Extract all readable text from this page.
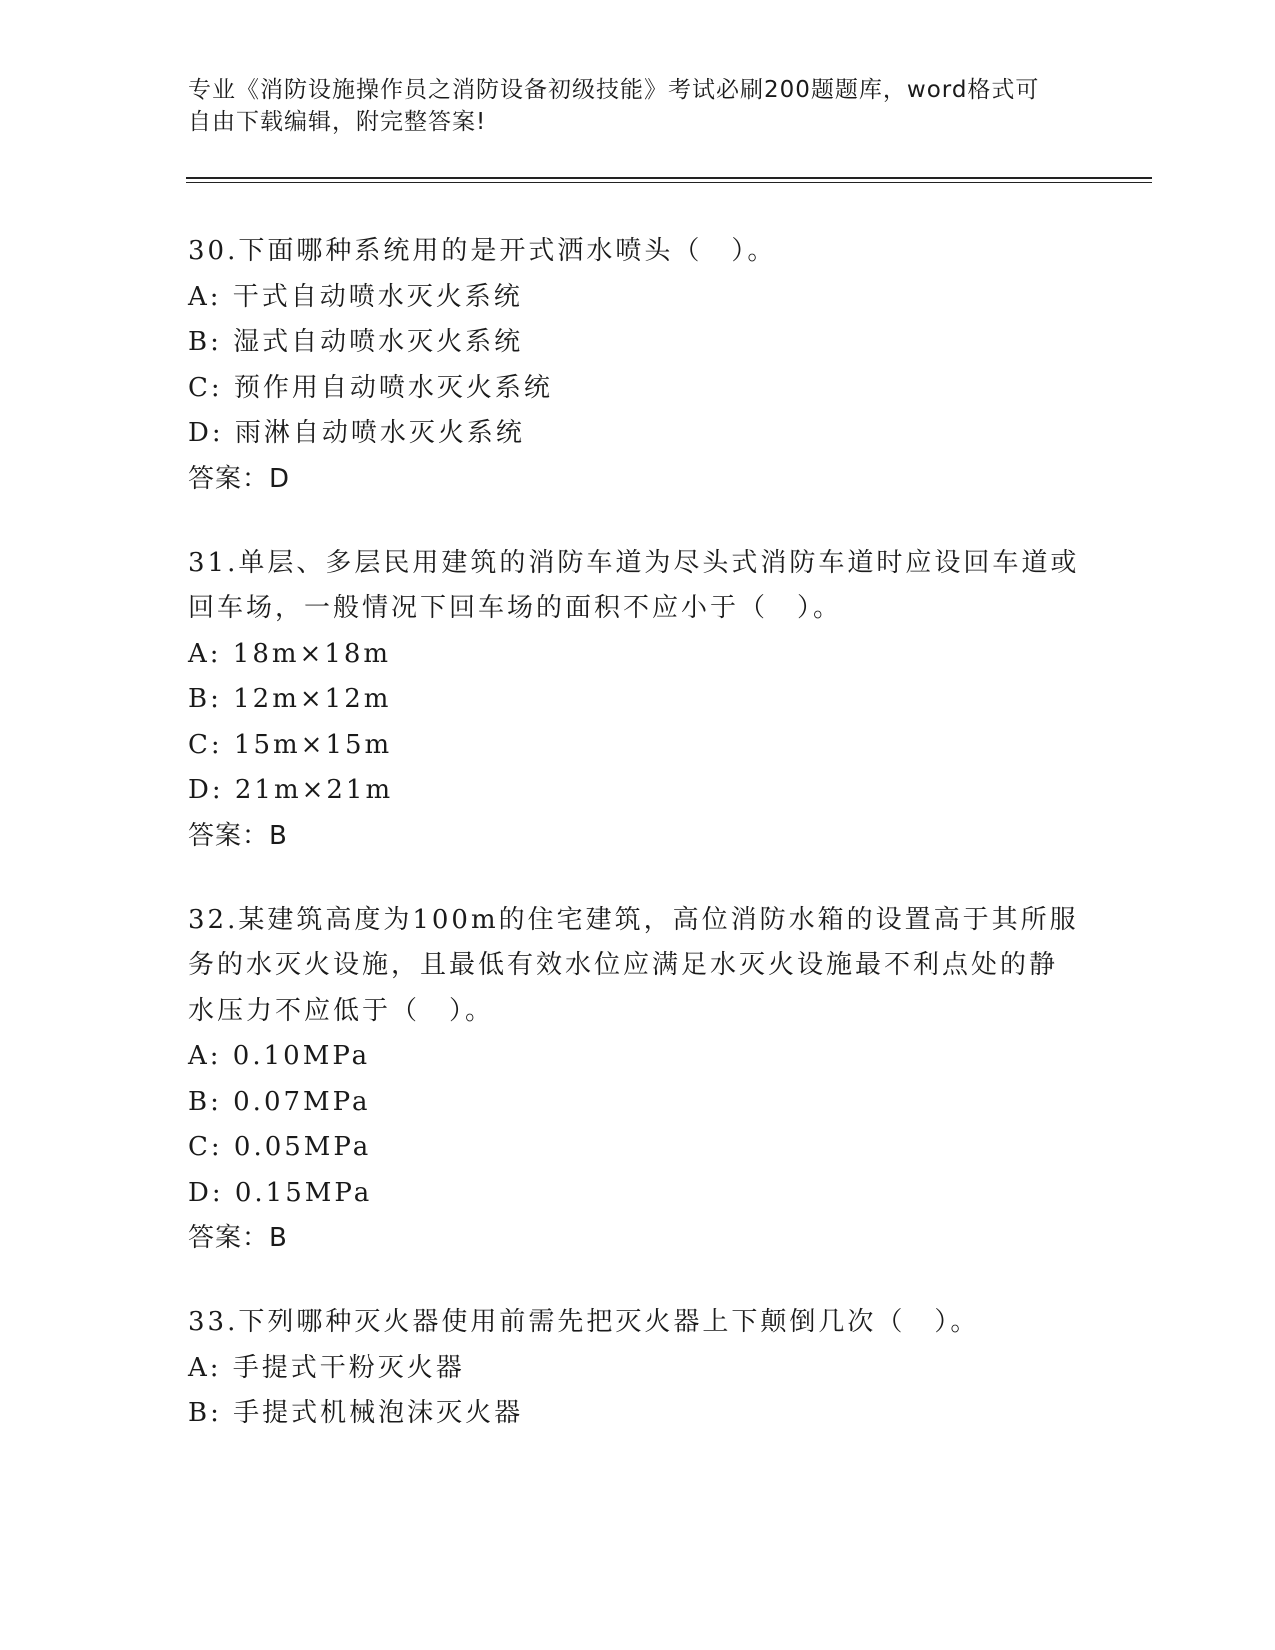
专业《消防设施操作员之消防设备初级技能》考试必刷200题题库，word格式可
自由下载编辑，附完整答案!
30.下面哪种系统用的是开式洒水喷头（　）。
A: 干式自动喷水灭火系统
B: 湿式自动喷水灭火系统
C: 预作用自动喷水灭火系统
D: 雨淋自动喷水灭火系统
答案：D
31.单层、多层民用建筑的消防车道为尽头式消防车道时应设回车道或
回车场，一般情况下回车场的面积不应小于（　）。
A: 18m×18m
B: 12m×12m
C: 15m×15m
D: 21m×21m
答案：B
32.某建筑高度为100m的住宅建筑，高位消防水箱的设置高于其所服
务的水灭火设施，且最低有效水位应满足水灭火设施最不利点处的静
水压力不应低于（　）。
A: 0.10MPa
B: 0.07MPa
C: 0.05MPa
D: 0.15MPa
答案：B
33.下列哪种灭火器使用前需先把灭火器上下颠倒几次（　）。
A: 手提式干粉灭火器
B: 手提式机械泡沫灭火器
